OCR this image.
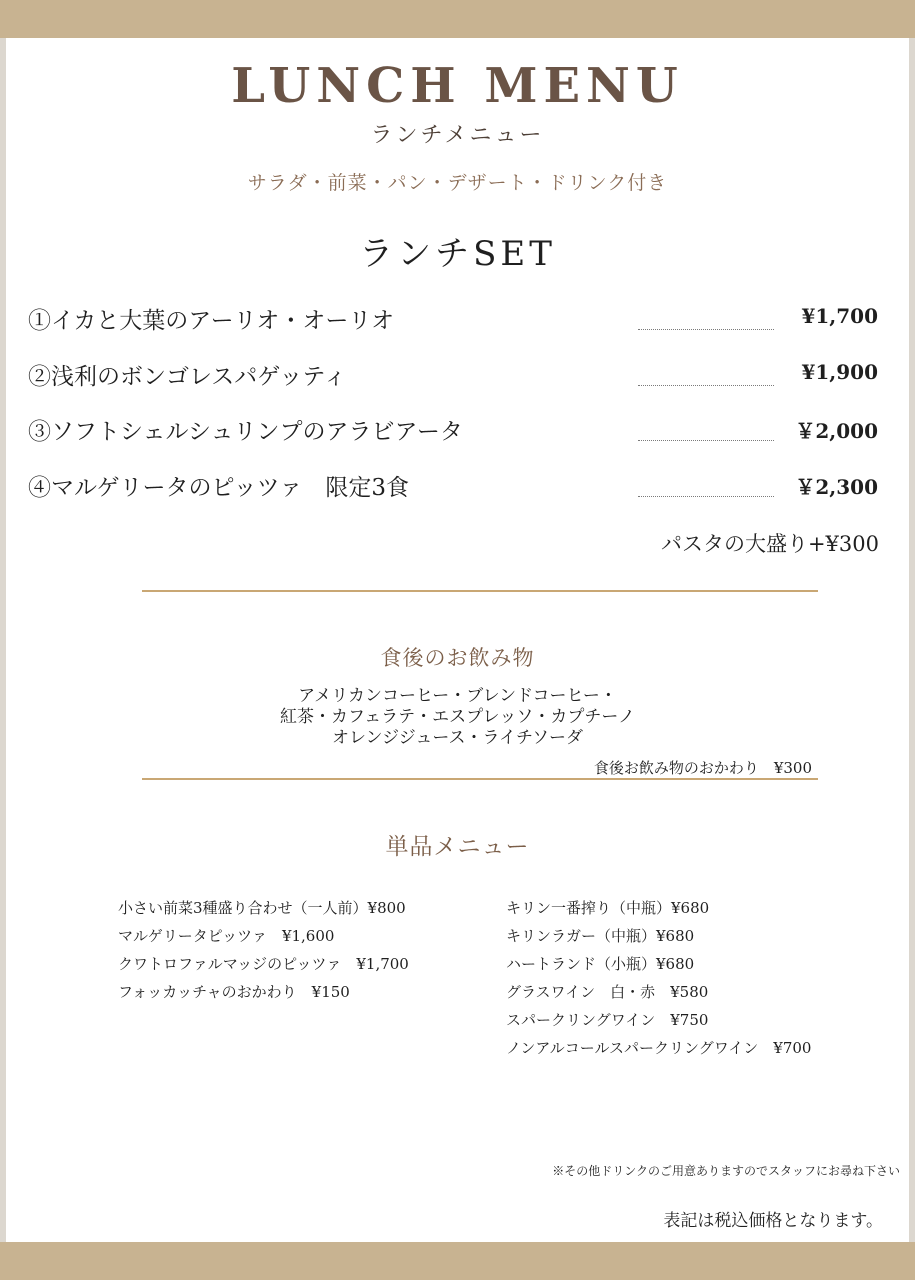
LUNCH MENU
ランチメニュー
サラダ・前菜・パン・デザート・ドリンク付き
ランチSET
①イカと大葉のアーリオ・オーリオ	¥1,700
②浅利のボンゴレスパゲッティ	¥1,900
③ソフトシェルシュリンプのアラビアータ	￥2,000
④マルゲリータのピッツァ　限定3食	￥2,300
パスタの大盛り+¥300
食後のお飲み物
アメリカンコーヒー・ブレンドコーヒー・
紅茶・カフェラテ・エスプレッソ・カプチーノ
オレンジジュース・ライチソーダ
食後お飲み物のおかわり　¥300
単品メニュー
小さい前菜3種盛り合わせ（一人前）¥800
マルゲリータピッツァ　¥1,600
クワトロファルマッジのピッツァ　¥1,700
フォッカッチャのおかわり　¥150
キリン一番搾り（中瓶）¥680
キリンラガー（中瓶）¥680
ハートランド（小瓶）¥680
グラスワイン　白・赤　¥580
スパークリングワイン　¥750
ノンアルコールスパークリングワイン　¥700
※その他ドリンクのご用意ありますのでスタッフにお尋ね下さい
表記は税込価格となります。
